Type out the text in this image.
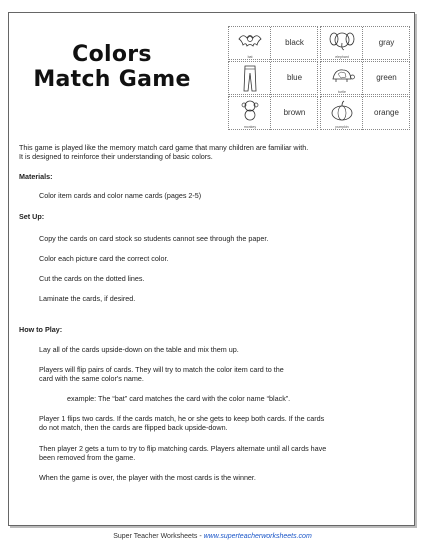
Colors
Match Game
bat
black
elephant
gray
blue
turtle
green
monkey
brown
pumpkin
orange
This game is played like the memory match card game that many children are familiar with.
It is designed to reinforce their understanding of basic colors.
Materials:
Color item cards and color name cards (pages 2-5)
Set Up:
Copy the cards on card stock so students cannot see through the paper.
Color each picture card the correct color.
Cut the cards on the dotted lines.
Laminate the cards, if desired.
How to Play:
Lay all of the cards upside-down on the table and mix them up.
Players will flip pairs of cards. They will try to match the color item card to the
card with the same color's name.
example: The “bat” card matches the card with the color name “black”.
Player 1 flips two cards. If the cards match, he or she gets to keep both cards. If the cards
do not match, then the cards are flipped back upside-down.
Then player 2 gets a turn to try to flip matching cards. Players alternate until all cards have
been removed from the game.
When the game is over, the player with the most cards is the winner.
Super Teacher Worksheets - www.superteacherworksheets.com
